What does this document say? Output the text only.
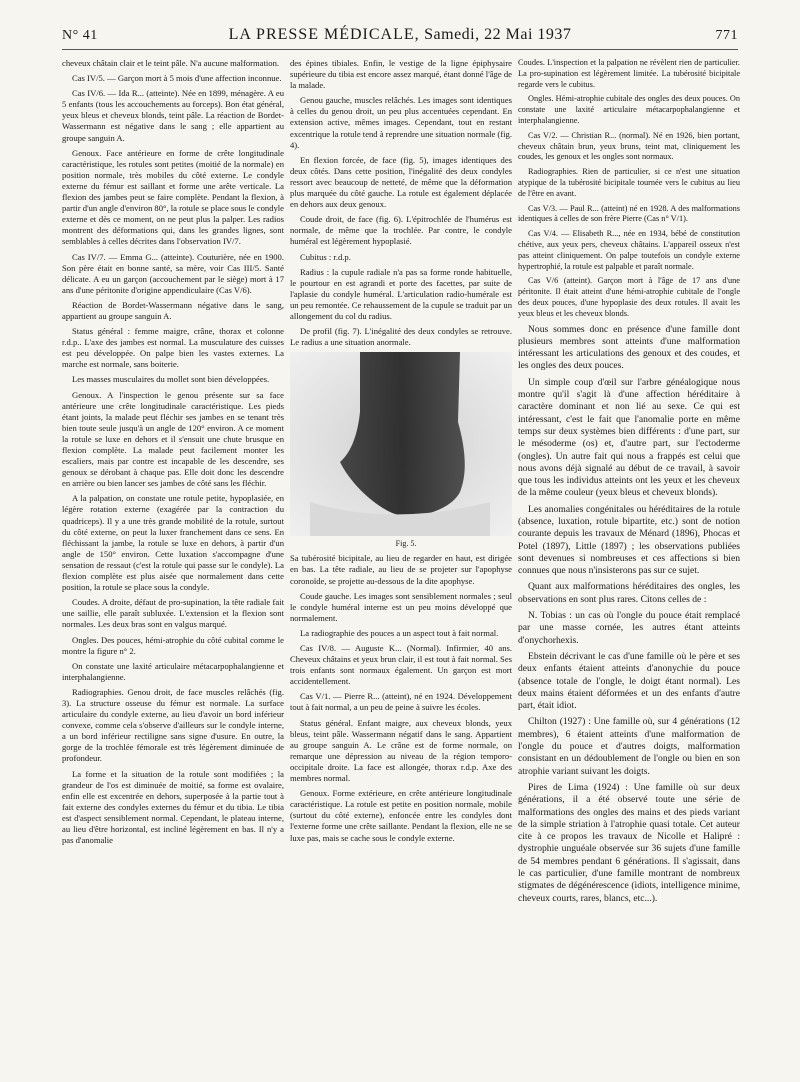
N° 41	LA PRESSE MÉDICALE, Samedi, 22 Mai 1937	771

cheveux châtain clair et le teint pâle. N'a aucune malformation.

Cas IV/5. — Garçon mort à 5 mois d'une affection inconnue.

Cas IV/6. — Ida R... (atteinte). Née en 1899, ménagère. A eu 5 enfants (tous les accouchements au forceps). Bon état général, yeux bleus et cheveux blonds, teint pâle. La réaction de Bordet-Wassermann est négative dans le sang ; elle appartient au groupe sanguin A.

Genoux. Face antérieure en forme de crête longitudinale caractéristique, les rotules sont petites (moitié de la normale) en position normale, très mobiles du côté externe. Le condyle externe du fémur est saillant et forme une arête verticale. La flexion des jambes peut se faire complète. Pendant la flexion, à partir d'un angle d'environ 80°, la rotule se place sous le condyle externe et dès ce moment, on ne peut plus la palper. Les radios montrent des déformations qui, dans les grandes lignes, sont semblables à celles décrites dans l'observation IV/7.

Cas IV/7. — Emma G... (atteinte). Couturière, née en 1900. Son père était en bonne santé, sa mère, voir Cas III/5. Santé délicate. A eu un garçon (accouchement par le siège) mort à 17 ans d'une péritonite d'origine appendiculaire (Cas V/6).

Réaction de Bordet-Wassermann négative dans le sang, appartient au groupe sanguin A.

Status général : femme maigre, crâne, thorax et colonne r.d.p.. L'axe des jambes est normal. La musculature des cuisses est peu développée. On palpe bien les vastes externes. La marche est normale, sans boiterie.

Les masses musculaires du mollet sont bien développées.

Genoux. A l'inspection le genou présente sur sa face antérieure une crête longitudinale caractéristique. Les pieds étant joints, la malade peut fléchir ses jambes en se tenant très bien toute seule jusqu'à un angle de 120° environ. A ce moment la rotule se luxe en dehors et il s'ensuit une chute brusque en flexion complète. La malade peut facilement monter les escaliers, mais par contre est incapable de les descendre, ses genoux se dérobant à chaque pas. Elle doit donc les descendre en arrière ou bien lancer ses jambes de côté sans les fléchir.

A la palpation, on constate une rotule petite, hypoplasiée, en légère rotation externe (exagérée par la contraction du quadriceps). Il y a une très grande mobilité de la rotule, surtout du côté externe, on peut la luxer franchement dans ce sens. En fléchissant la jambe, la rotule se luxe en dehors, à partir d'un angle de 150° environ. Cette luxation s'accompagne d'une sensation de ressaut (c'est la rotule qui passe sur le condyle). La flexion complète est plus aisée que normalement dans cette position, la rotule se place sous la condyle.

Coudes. A droite, défaut de pro-supination, la tête radiale fait une saillie, elle paraît subluxée. L'extension et la flexion sont normales. Les deux bras sont en valgus marqué.

Ongles. Des pouces, hémi-atrophie du côté cubital comme le montre la figure n° 2.

On constate une laxité articulaire métacarpophalangienne et interphalangienne.

Radiographies. Genou droit, de face muscles relâchés (fig. 3). La structure osseuse du fémur est normale. La surface articulaire du condyle externe, au lieu d'avoir un bord inférieur convexe, comme cela s'observe d'ailleurs sur le condyle interne, a un bord inférieur rectiligne sans signe d'usure. En outre, la gorge de la trochlée fémorale est très légèrement diminuée de profondeur.

La forme et la situation de la rotule sont modifiées ; la grandeur de l'os est diminuée de moitié, sa forme est ovalaire, enfin elle est excentrée en dehors, superposée à la partie tout à fait externe des condyles externes du fémur et du tibia. Le tibia est d'aspect sensiblement normal. Cependant, le plateau interne, au lieu d'être horizontal, est incliné légèrement en bas. Il n'y a pas d'anomalie

des épines tibiales. Enfin, le vestige de la ligne épiphysaire supérieure du tibia est encore assez marqué, étant donné l'âge de la malade.

Genou gauche, muscles relâchés. Les images sont identiques à celles du genou droit, un peu plus accentuées cependant. En extension active, mêmes images. Cependant, tout en restant excentrique la rotule tend à reprendre une situation normale (fig. 4).

En flexion forcée, de face (fig. 5), images identiques des deux côtés. Dans cette position, l'inégalité des deux condyles ressort avec beaucoup de netteté, de même que la déformation plus marquée du côté gauche. La rotule est également déplacée en dehors aux deux genoux.

Coude droit, de face (fig. 6). L'épitrochlée de l'humérus est normale, de même que la trochlée. Par contre, le condyle huméral est légèrement hypoplasié.

Cubitus : r.d.p.

Radius : la cupule radiale n'a pas sa forme ronde habituelle, le pourtour en est agrandi et porte des facettes, par suite de l'aplasie du condyle huméral. L'articulation radio-humérale est un peu remontée. Ce rehaussement de la cupule se traduit par un allongement du col du radius.

De profil (fig. 7). L'inégalité des deux condyles se retrouve. Le radius a une situation anormale.

Fig. 5.

Sa tubérosité bicipitale, au lieu de regarder en haut, est dirigée en bas. La tête radiale, au lieu de se projeter sur l'apophyse coronoïde, se projette au-dessous de la dite apophyse.

Coude gauche. Les images sont sensiblement normales ; seul le condyle huméral interne est un peu moins développé que normalement.

La radiographie des pouces a un aspect tout à fait normal.

Cas IV/8. — Auguste K... (Normal). Infirmier, 40 ans. Cheveux châtains et yeux brun clair, il est tout à fait normal. Ses trois enfants sont normaux également. Un garçon est mort accidentellement.

Cas V/1. — Pierre R... (atteint), né en 1924. Développement tout à fait normal, a un peu de peine à suivre les écoles.

Status général. Enfant maigre, aux cheveux blonds, yeux bleus, teint pâle. Wassermann négatif dans le sang. Appartient au groupe sanguin A. Le crâne est de forme normale, on remarque une dépression au niveau de la région temporo-occipitale droite. La face est allongée, thorax r.d.p. Axe des membres normal.

Genoux. Forme extérieure, en crête antérieure longitudinale caractéristique. La rotule est petite en position normale, mobile (surtout du côté externe), enfoncée entre les condyles dont l'externe forme une crête saillante. Pendant la flexion, elle ne se luxe pas, mais se cache sous le condyle externe.

Coudes. L'inspection et la palpation ne révèlent rien de particulier. La pro-supination est légèrement limitée. La tubérosité bicipitale regarde vers le cubitus.

Ongles. Hémi-atrophie cubitale des ongles des deux pouces. On constate une laxité articulaire métacarpophalangienne et interphalangienne.

Cas V/2. — Christian R... (normal). Né en 1926, bien portant, cheveux châtain brun, yeux bruns, teint mat, cliniquement les coudes, les genoux et les ongles sont normaux.

Radiographies. Rien de particulier, si ce n'est une situation atypique de la tubérosité bicipitale tournée vers le cubitus au lieu de l'être en avant.

Cas V/3. — Paul R... (atteint) né en 1928. A des malformations identiques à celles de son frère Pierre (Cas n° V/1).

Cas V/4. — Elisabeth R..., née en 1934, bébé de constitution chétive, aux yeux pers, cheveux châtains. L'appareil osseux n'est pas atteint cliniquement. On palpe toutefois un condyle externe hypertrophié, la rotule est palpable et paraît normale.

Cas V/6 (atteint). Garçon mort à l'âge de 17 ans d'une péritonite. Il était atteint d'une hémi-atrophie cubitale de l'ongle des deux pouces, d'une hypoplasie des deux rotules. Il avait les yeux bleus et les cheveux blonds.

Nous sommes donc en présence d'une famille dont plusieurs membres sont atteints d'une malformation intéressant les articulations des genoux et des coudes, et les ongles des deux pouces.

Un simple coup d'œil sur l'arbre généalogique nous montre qu'il s'agit là d'une affection héréditaire à caractère dominant et non lié au sexe. Ce qui est intéressant, c'est le fait que l'anomalie porte en même temps sur deux systèmes bien différents : d'une part, sur le mésoderme (os) et, d'autre part, sur l'ectoderme (ongles). Un autre fait qui nous a frappés est celui que nous avons déjà signalé au début de ce travail, à savoir que tous les individus atteints ont les yeux et les cheveux de la même couleur (yeux bleus et cheveux blonds).

Les anomalies congénitales ou héréditaires de la rotule (absence, luxation, rotule bipartite, etc.) sont de notion courante depuis les travaux de Ménard (1896), Phocas et Potel (1897), Little (1897) ; les observations publiées sont devenues si nombreuses et ces affections si bien connues que nous n'insisterons pas sur ce sujet.

Quant aux malformations héréditaires des ongles, les observations en sont plus rares. Citons celles de :

N. Tobias : un cas où l'ongle du pouce était remplacé par une masse cornée, les autres étant atteints d'onychorhexis.

Ebstein décrivant le cas d'une famille où le père et ses deux enfants étaient atteints d'anonychie du pouce (absence totale de l'ongle, le doigt étant normal). Les deux mains étaient déformées et un des enfants d'autre part, était idiot.

Chilton (1927) : Une famille où, sur 4 générations (12 membres), 6 étaient atteints d'une malformation de l'ongle du pouce et d'autres doigts, malformation consistant en un dédoublement de l'ongle ou bien en son atrophie variant suivant les doigts.

Pires de Lima (1924) : Une famille où sur deux générations, il a été observé toute une série de malformations des ongles des mains et des pieds variant de la simple striation à l'atrophie quasi totale. Cet auteur cite à ce propos les travaux de Nicolle et Halipré : dystrophie unguéale observée sur 36 sujets d'une famille de 54 membres pendant 6 générations. Il s'agissait, dans le cas particulier, d'une famille montrant de nombreux stigmates de dégénérescence (idiots, intelligence minime, cheveux courts, rares, blancs, etc...).
